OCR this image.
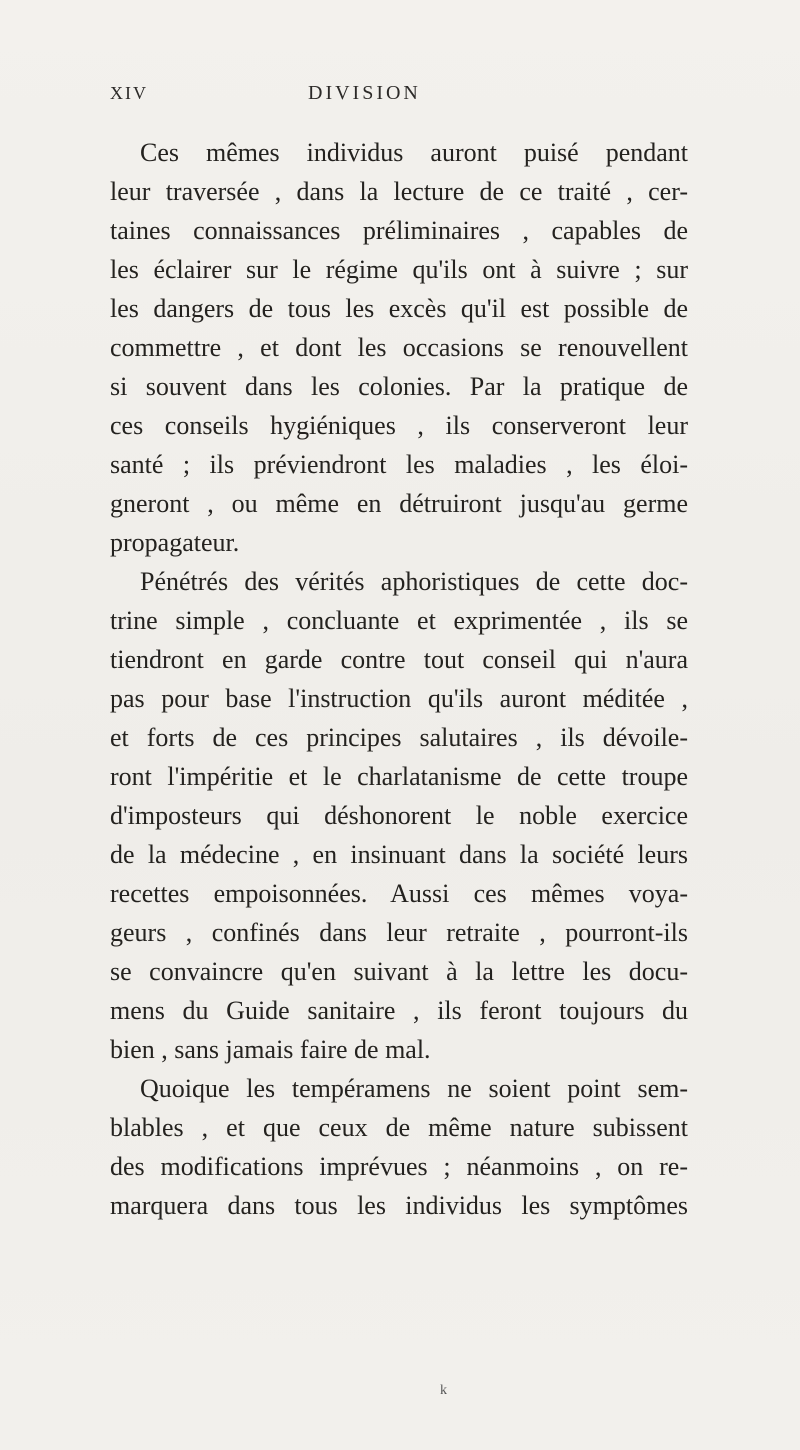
xiv	DIVISION
Ces mêmes individus auront puisé pendant
leur traversée , dans la lecture de ce traité , cer-
taines connaissances préliminaires , capables de
les éclairer sur le régime qu'ils ont à suivre ; sur
les dangers de tous les excès qu'il est possible de
commettre , et dont les occasions se renouvellent
si souvent dans les colonies. Par la pratique de
ces conseils hygiéniques , ils conserveront leur
santé ; ils préviendront les maladies , les éloi-
gneront , ou même en détruiront jusqu'au germe
propagateur.
Pénétrés des vérités aphoristiques de cette doc-
trine simple , concluante et exprimentée , ils se
tiendront en garde contre tout conseil qui n'aura
pas pour base l'instruction qu'ils auront méditée ,
et forts de ces principes salutaires , ils dévoile-
ront l'impéritie et le charlatanisme de cette troupe
d'imposteurs qui déshonorent le noble exercice
de la médecine , en insinuant dans la société leurs
recettes empoisonnées. Aussi ces mêmes voya-
geurs , confinés dans leur retraite , pourront-ils
se convaincre qu'en suivant à la lettre les docu-
mens du Guide sanitaire , ils feront toujours du
bien , sans jamais faire de mal.
Quoique les tempéramens ne soient point sem-
blables , et que ceux de même nature subissent
des modifications imprévues ; néanmoins , on re-
marquera dans tous les individus les symptômes
k
